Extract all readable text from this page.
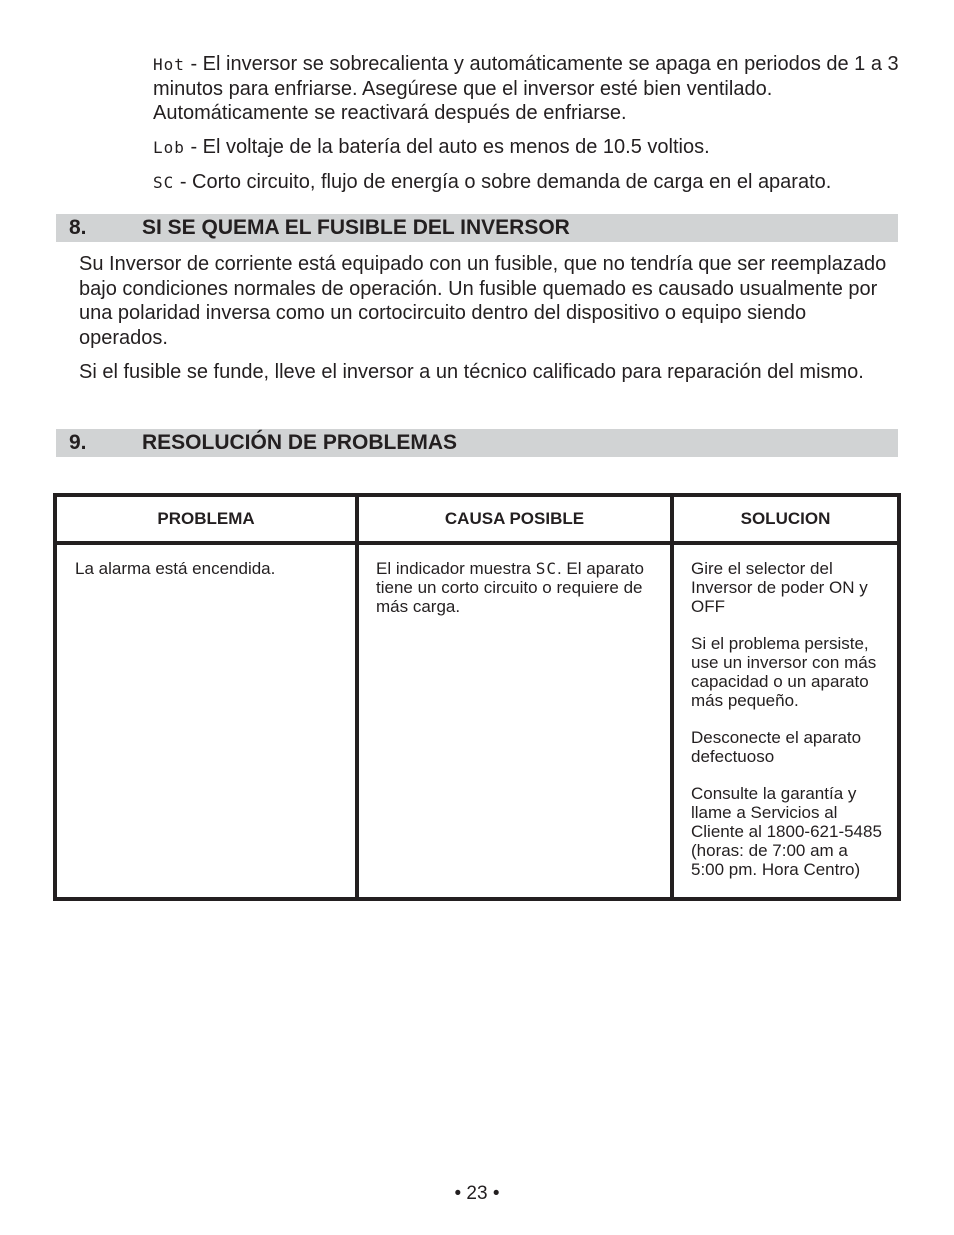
Hot - El inversor se sobrecalienta y automáticamente se apaga en periodos de 1 a 3 minutos para enfriarse. Asegúrese que el inversor esté bien ventilado. Automáticamente se reactivará después de enfriarse.

Lob - El voltaje de la batería del auto es menos de 10.5 voltios.

SC - Corto circuito, flujo de energía o sobre demanda de carga en el aparato.

8.	SI SE QUEMA EL FUSIBLE DEL INVERSOR

Su Inversor de corriente está equipado con un fusible, que no tendría que ser reemplazado bajo condiciones normales de operación. Un fusible quemado es causado usualmente por una polaridad inversa como un cortocircuito dentro del dispositivo o equipo siendo operados.

Si el fusible se funde, lleve el inversor a un técnico calificado para reparación del mismo.

9.	RESOLUCIÓN DE PROBLEMAS
PROBLEMA	CAUSA POSIBLE	SOLUCION
La alarma está encendida.	El indicador muestra SC. El aparato tiene un corto circuito o requiere de más carga.	Gire el selector del Inversor de poder ON y OFF

Si el problema persiste, use un inversor con más capacidad o un aparato más pequeño.

Desconecte el aparato defectuoso

Consulte la garantía y llame a Servicios al Cliente al 1800-621-5485 (horas: de 7:00 am a 5:00 pm. Hora Centro)

• 23 •
